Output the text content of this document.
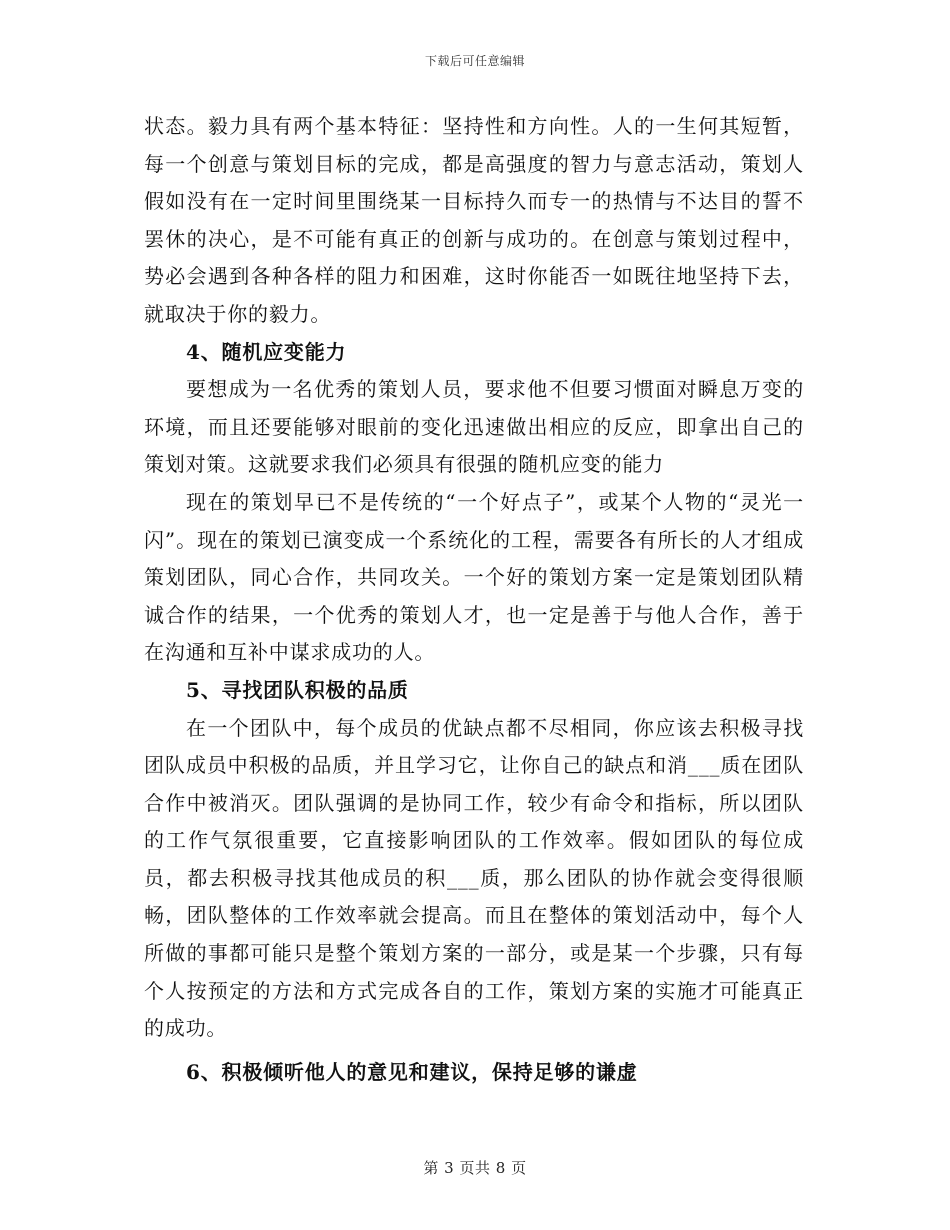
下载后可任意编辑

状态。毅力具有两个基本特征：坚持性和方向性。人的一生何其短暂，每一个创意与策划目标的完成，都是高强度的智力与意志活动，策划人假如没有在一定时间里围绕某一目标持久而专一的热情与不达目的誓不罢休的决心，是不可能有真正的创新与成功的。在创意与策划过程中，势必会遇到各种各样的阻力和困难，这时你能否一如既往地坚持下去，就取决于你的毅力。

4、随机应变能力

要想成为一名优秀的策划人员，要求他不但要习惯面对瞬息万变的环境，而且还要能够对眼前的变化迅速做出相应的反应，即拿出自己的策划对策。这就要求我们必须具有很强的随机应变的能力

现在的策划早已不是传统的“一个好点子”，或某个人物的“灵光一闪”。现在的策划已演变成一个系统化的工程，需要各有所长的人才组成策划团队，同心合作，共同攻关。一个好的策划方案一定是策划团队精诚合作的结果，一个优秀的策划人才，也一定是善于与他人合作，善于在沟通和互补中谋求成功的人。

5、寻找团队积极的品质

在一个团队中，每个成员的优缺点都不尽相同，你应该去积极寻找团队成员中积极的品质，并且学习它，让你自己的缺点和消___质在团队合作中被消灭。团队强调的是协同工作，较少有命令和指标，所以团队的工作气氛很重要，它直接影响团队的工作效率。假如团队的每位成员，都去积极寻找其他成员的积___质，那么团队的协作就会变得很顺畅，团队整体的工作效率就会提高。而且在整体的策划活动中，每个人所做的事都可能只是整个策划方案的一部分，或是某一个步骤，只有每个人按预定的方法和方式完成各自的工作，策划方案的实施才可能真正的成功。

6、积极倾听他人的意见和建议，保持足够的谦虚

第 3 页共 8 页
